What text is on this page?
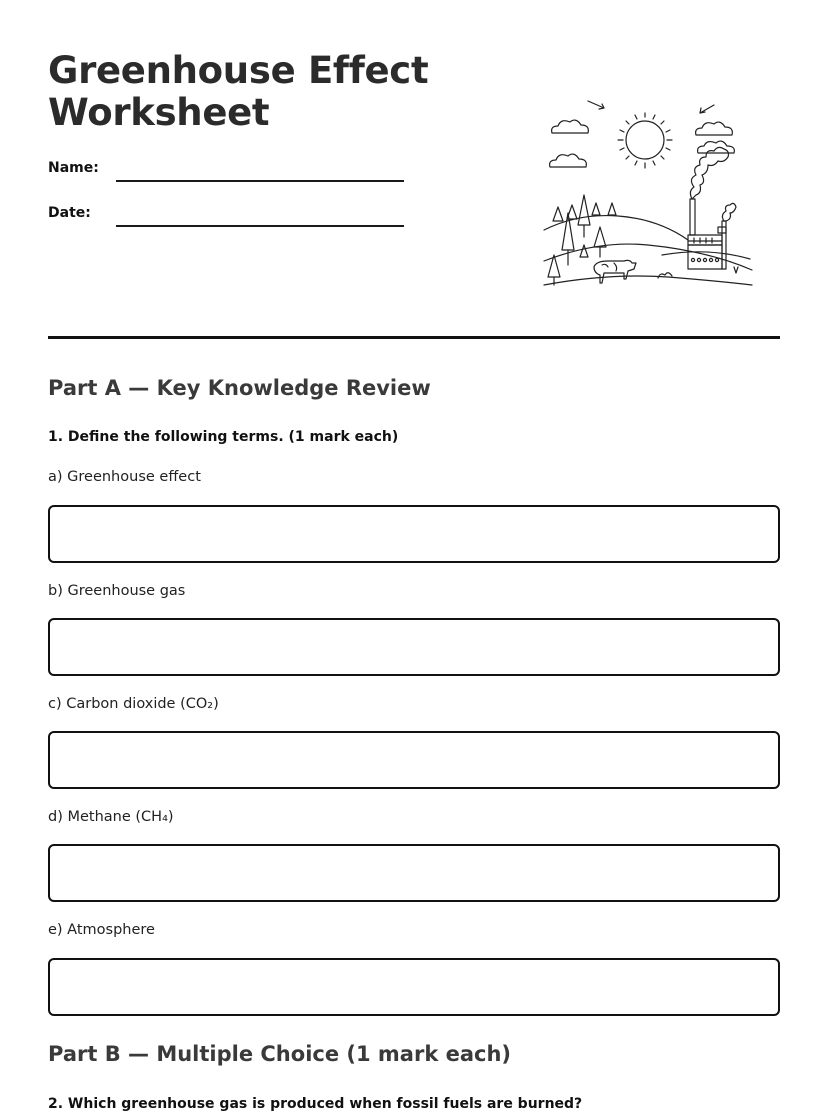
Greenhouse Effect Worksheet
Name:
Date:
Part A — Key Knowledge Review
1. Define the following terms. (1 mark each)
a) Greenhouse effect
b) Greenhouse gas
c) Carbon dioxide (CO₂)
d) Methane (CH₄)
e) Atmosphere
Part B — Multiple Choice (1 mark each)
2. Which greenhouse gas is produced when fossil fuels are burned?
